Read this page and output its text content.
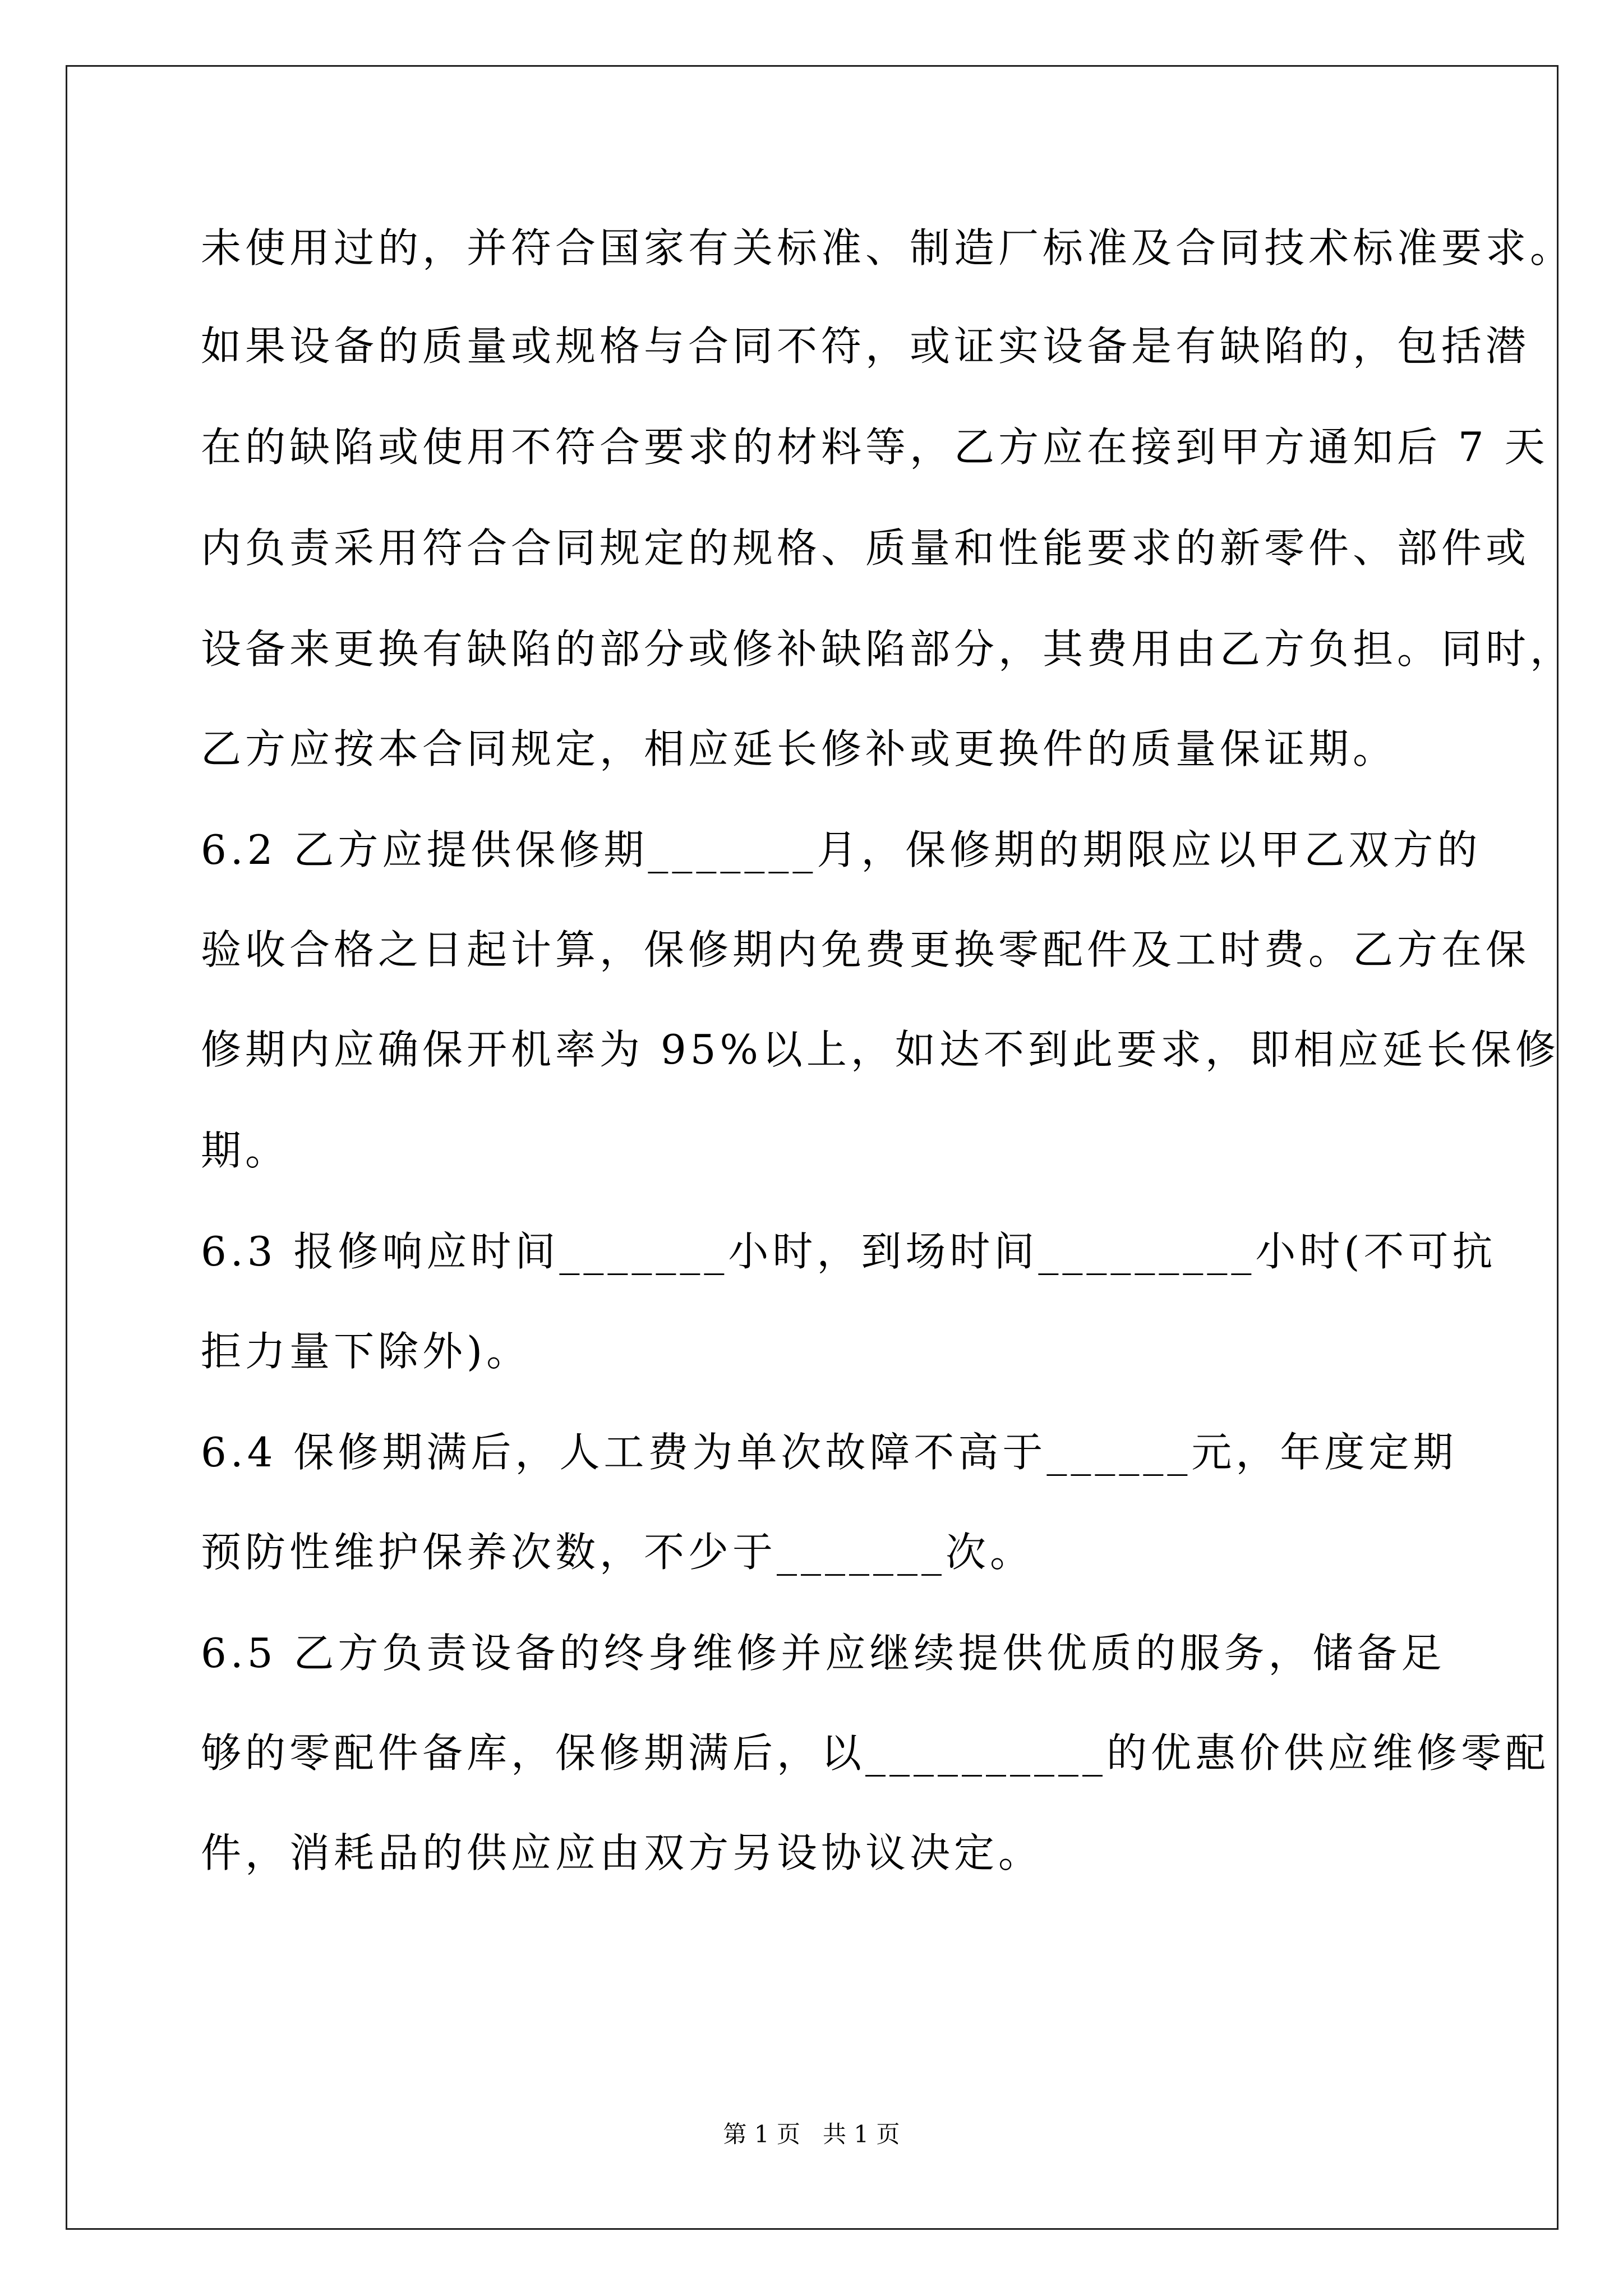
未使用过的，并符合国家有关标准、制造厂标准及合同技术标准要求。
如果设备的质量或规格与合同不符，或证实设备是有缺陷的，包括潜
在的缺陷或使用不符合要求的材料等，乙方应在接到甲方通知后 7 天
内负责采用符合合同规定的规格、质量和性能要求的新零件、部件或
设备来更换有缺陷的部分或修补缺陷部分，其费用由乙方负担。同时，
乙方应按本合同规定，相应延长修补或更换件的质量保证期。
6.2 乙方应提供保修期_______月，保修期的期限应以甲乙双方的
验收合格之日起计算，保修期内免费更换零配件及工时费。乙方在保
修期内应确保开机率为 95%以上，如达不到此要求，即相应延长保修
期。
6.3 报修响应时间_______小时，到场时间_________小时(不可抗
拒力量下除外)。
6.4 保修期满后，人工费为单次故障不高于______元，年度定期
预防性维护保养次数，不少于_______次。
6.5 乙方负责设备的终身维修并应继续提供优质的服务，储备足
够的零配件备库，保修期满后，以__________的优惠价供应维修零配
件，消耗品的供应应由双方另设协议决定。
第 1 页   共 1 页
